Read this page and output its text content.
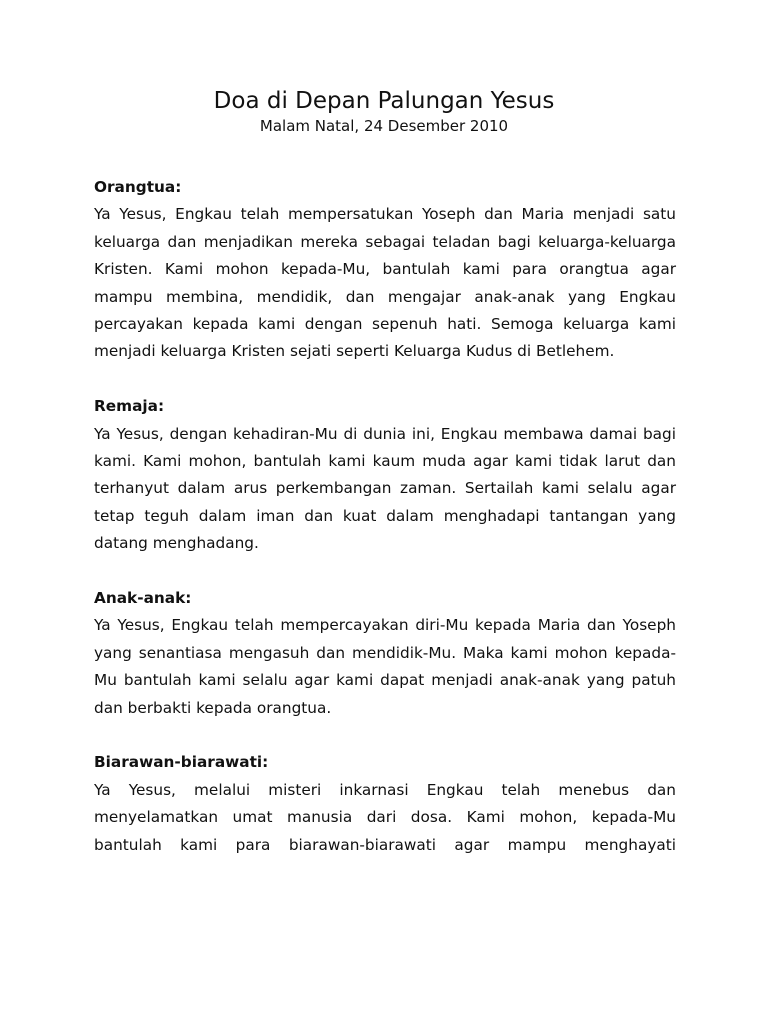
Doa di Depan Palungan Yesus
Malam Natal, 24 Desember 2010

Orangtua:

Ya Yesus, Engkau telah mempersatukan Yoseph dan Maria menjadi satu keluarga dan menjadikan mereka sebagai teladan bagi keluarga-keluarga Kristen. Kami mohon kepada-Mu, bantulah kami para orangtua agar mampu membina, mendidik, dan mengajar anak-anak yang Engkau percayakan kepada kami dengan sepenuh hati. Semoga keluarga kami menjadi keluarga Kristen sejati seperti Keluarga Kudus di Betlehem.

Remaja:

Ya Yesus, dengan kehadiran-Mu di dunia ini, Engkau membawa damai bagi kami. Kami mohon, bantulah kami kaum muda agar kami tidak larut dan terhanyut dalam arus perkembangan zaman. Sertailah kami selalu agar tetap teguh dalam iman dan kuat dalam menghadapi tantangan yang datang menghadang.

Anak-anak:

Ya Yesus, Engkau telah mempercayakan diri-Mu kepada Maria dan Yoseph yang senantiasa mengasuh dan mendidik-Mu. Maka kami mohon kepada-Mu bantulah kami selalu agar kami dapat menjadi anak-anak yang patuh dan berbakti kepada orangtua.

Biarawan-biarawati:

Ya Yesus, melalui misteri inkarnasi Engkau telah menebus dan menyelamatkan umat manusia dari dosa. Kami mohon, kepada-Mu bantulah kami para biarawan-biarawati agar mampu menghayati
